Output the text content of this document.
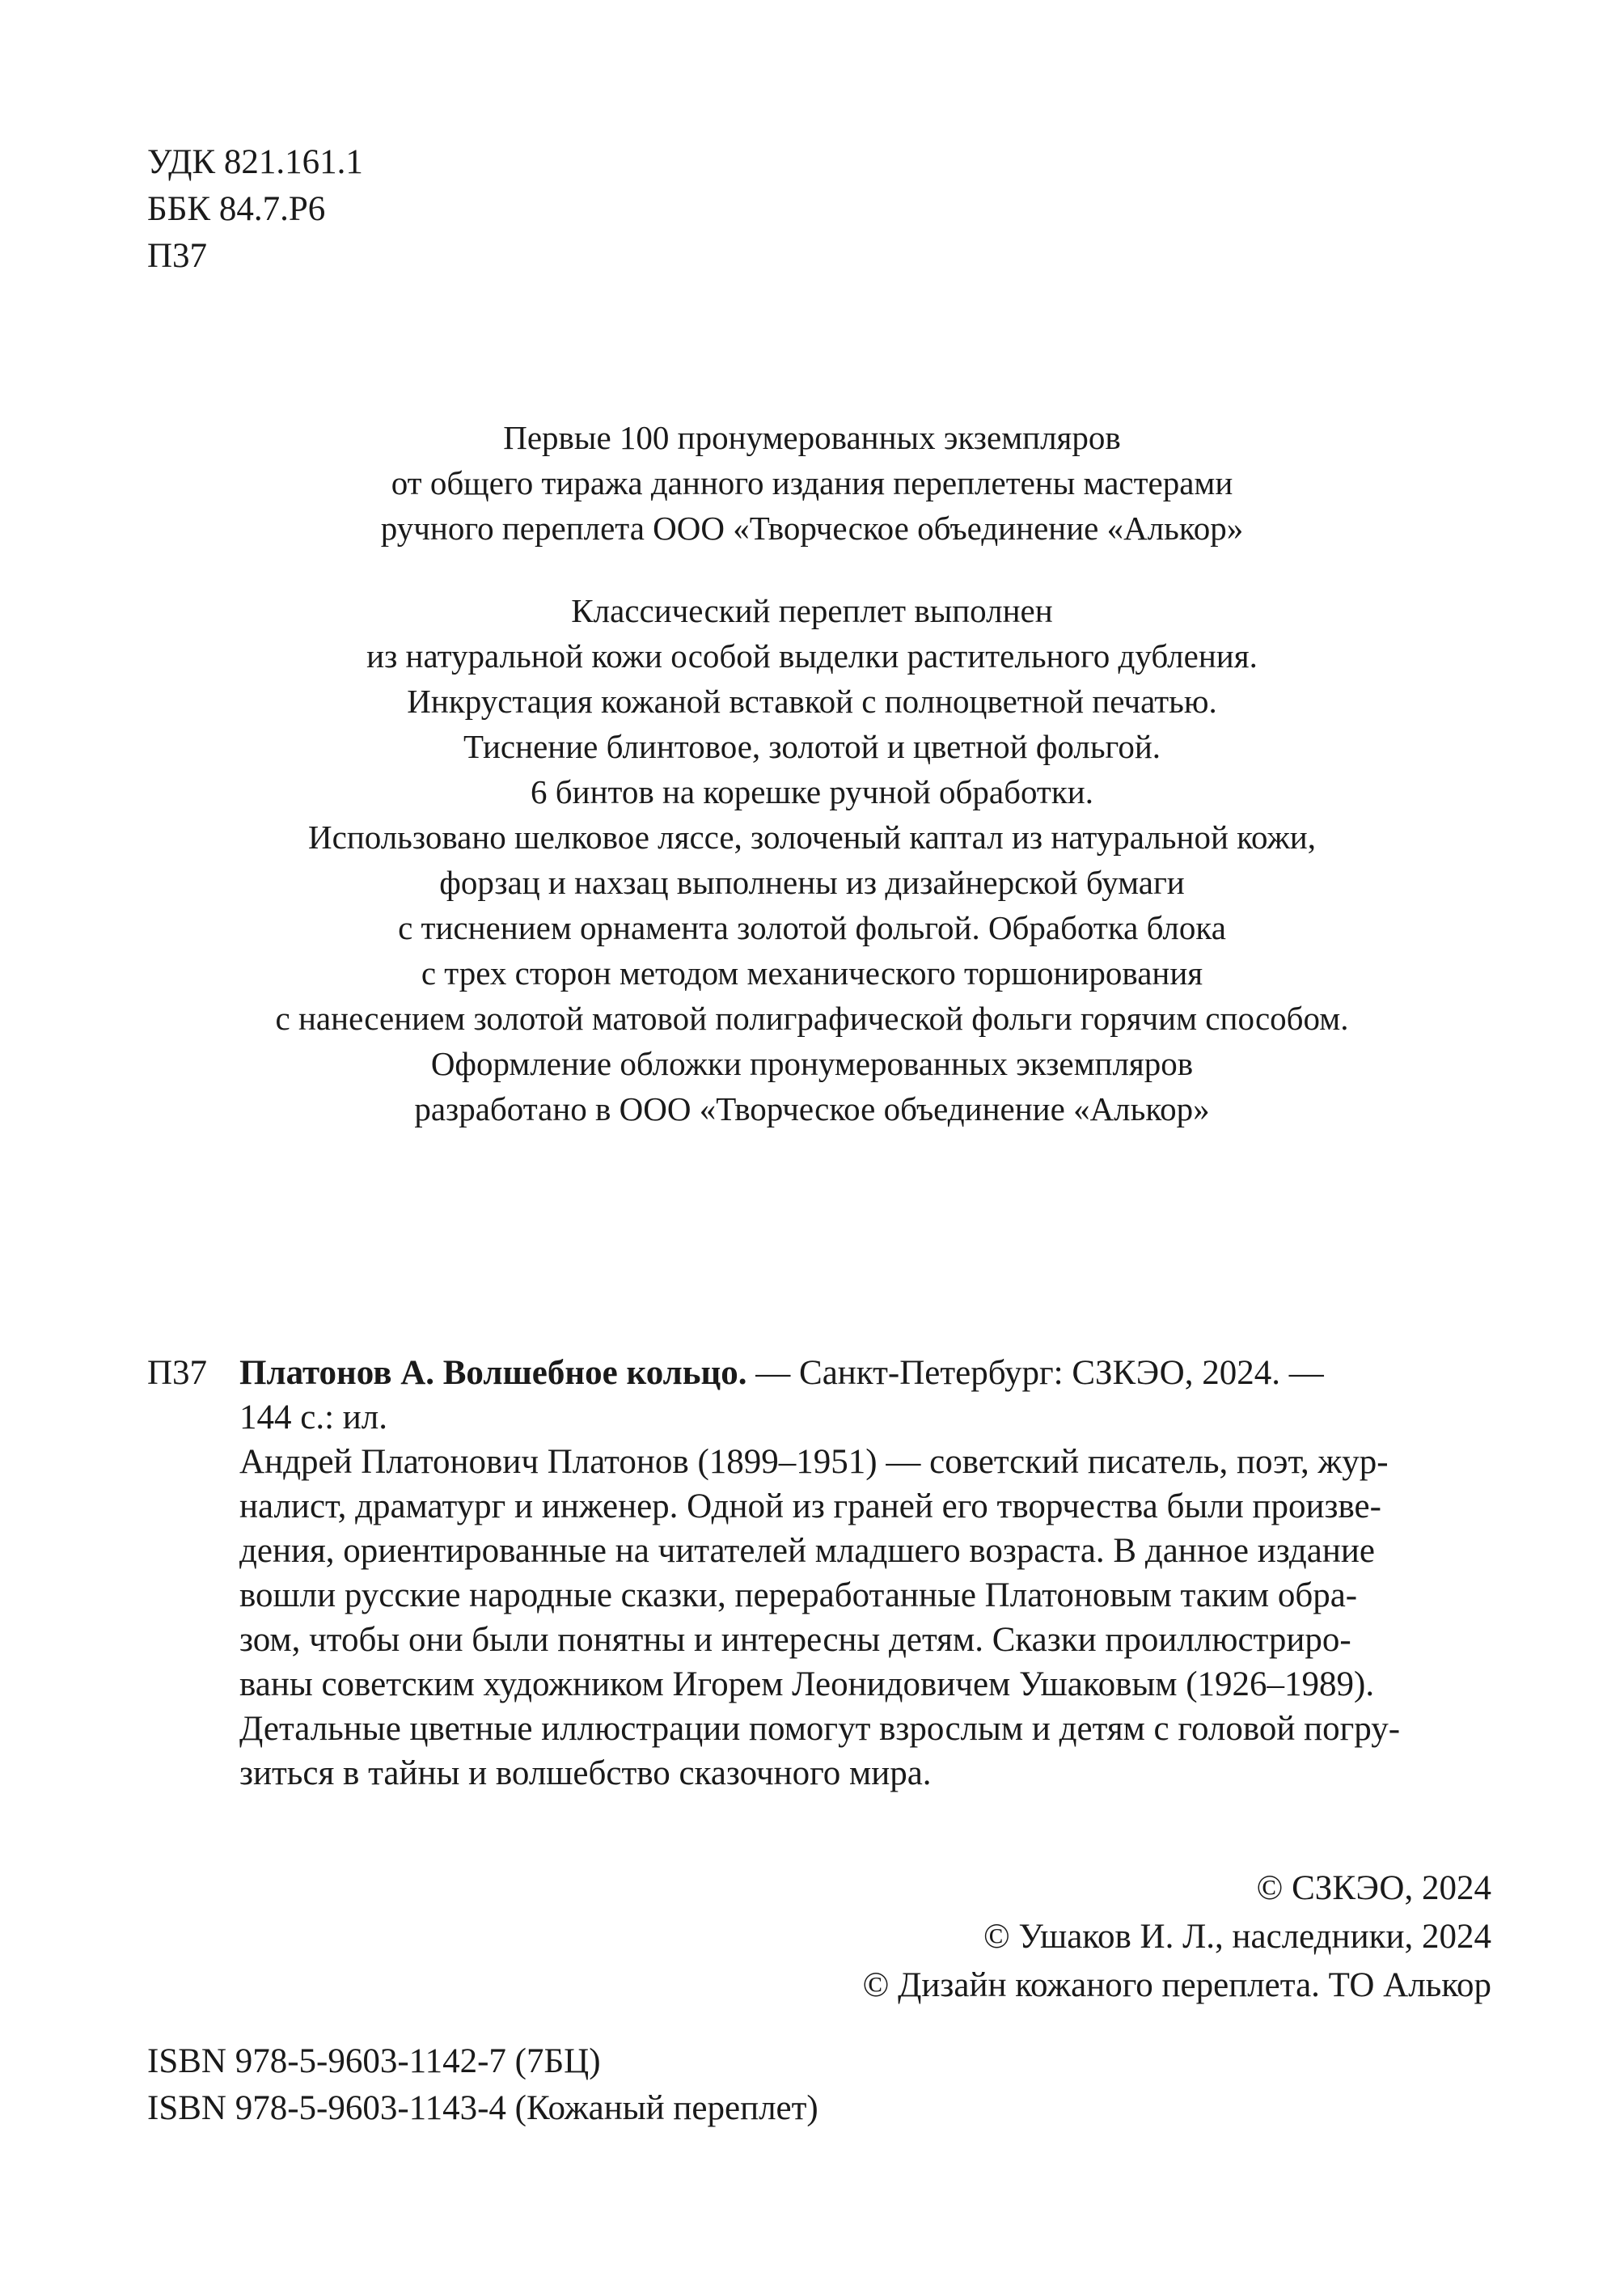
УДК 821.161.1
ББК 84.7.Р6
П37
Первые 100 пронумерованных экземпляров
от общего тиража данного издания переплетены мастерами
ручного переплета ООО «Творческое объединение «Алькор»
Классический переплет выполнен
из натуральной кожи особой выделки растительного дубления.
Инкрустация кожаной вставкой с полноцветной печатью.
Тиснение блинтовое, золотой и цветной фольгой.
6 бинтов на корешке ручной обработки.
Использовано шелковое ляссе, золоченый каптал из натуральной кожи,
форзац и нахзац выполнены из дизайнерской бумаги
с тиснением орнамента золотой фольгой. Обработка блока
с трех сторон методом механического торшонирования
с нанесением золотой матовой полиграфической фольги горячим способом.
Оформление обложки пронумерованных экземпляров
разработано в ООО «Творческое объединение «Алькор»
П37 Платонов А. Волшебное кольцо. — Санкт-Петербург: СЗКЭО, 2024. —
144 с.: ил.
Андрей Платонович Платонов (1899–1951) — советский писатель, поэт, жур-
налист, драматург и инженер. Одной из граней его творчества были произве-
дения, ориентированные на читателей младшего возраста. В данное издание
вошли русские народные сказки, переработанные Платоновым таким обра-
зом, чтобы они были понятны и интересны детям. Сказки проиллюстриро-
ваны советским художником Игорем Леонидовичем Ушаковым (1926–1989).
Детальные цветные иллюстрации помогут взрослым и детям с головой погру-
зиться в тайны и волшебство сказочного мира.
© СЗКЭО, 2024
© Ушаков И. Л., наследники, 2024
© Дизайн кожаного переплета. ТО Алькор
ISBN 978-5-9603-1142-7 (7БЦ)
ISBN 978-5-9603-1143-4 (Кожаный переплет)
